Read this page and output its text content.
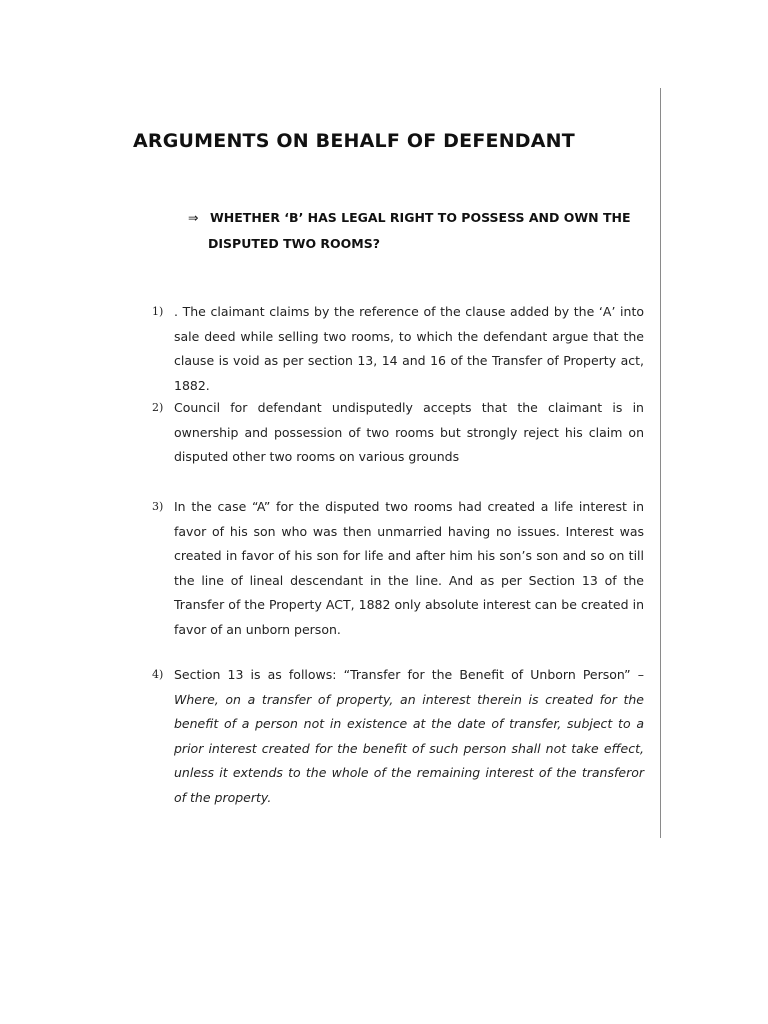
ARGUMENTS ON BEHALF OF DEFENDANT
⇒ WHETHER ‘B’ HAS LEGAL RIGHT TO POSSESS AND OWN THE
DISPUTED TWO ROOMS?
1) . The claimant claims by the reference of the clause added by the ‘A’ into sale deed while selling two rooms, to which the defendant argue that the clause is void as per section 13, 14 and 16 of the Transfer of Property act, 1882.
2) Council for defendant undisputedly accepts that the claimant is in ownership and possession of two rooms but strongly reject his claim on disputed other two rooms on various grounds
3) In the case “A” for the disputed two rooms had created a life interest in favor of his son who was then unmarried having no issues. Interest was created in favor of his son for life and after him his son’s son and so on till the line of lineal descendant in the line. And as per Section 13 of the Transfer of the Property ACT, 1882 only absolute interest can be created in favor of an unborn person.
4) Section 13 is as follows: “Transfer for the Benefit of Unborn Person” – Where, on a transfer of property, an interest therein is created for the benefit of a person not in existence at the date of transfer, subject to a prior interest created for the benefit of such person shall not take effect, unless it extends to the whole of the remaining interest of the transferor of the property.
